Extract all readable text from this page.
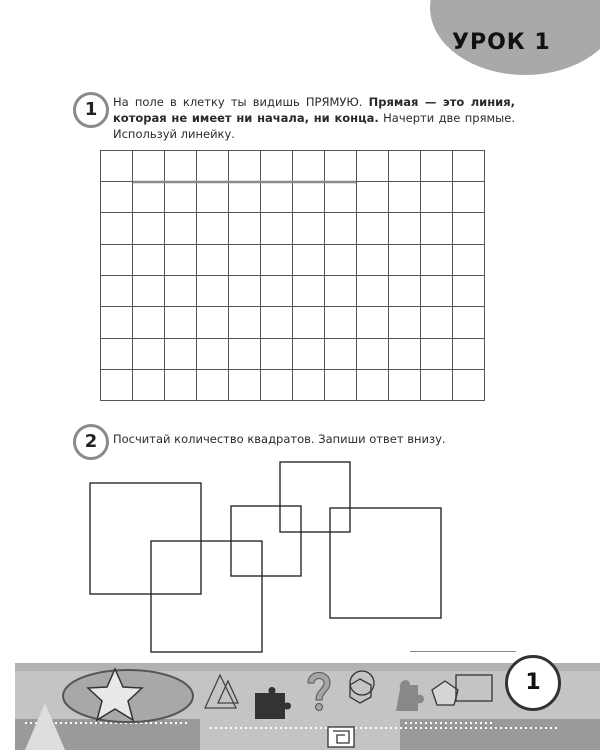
УРОК 1
1	На поле в клетку ты видишь ПРЯМУЮ. Прямая — это линия, которая не имеет ни начала, ни конца. Начерти две прямые. Используй линейку.
2	Посчитай количество квадратов. Запиши ответ внизу.
1
